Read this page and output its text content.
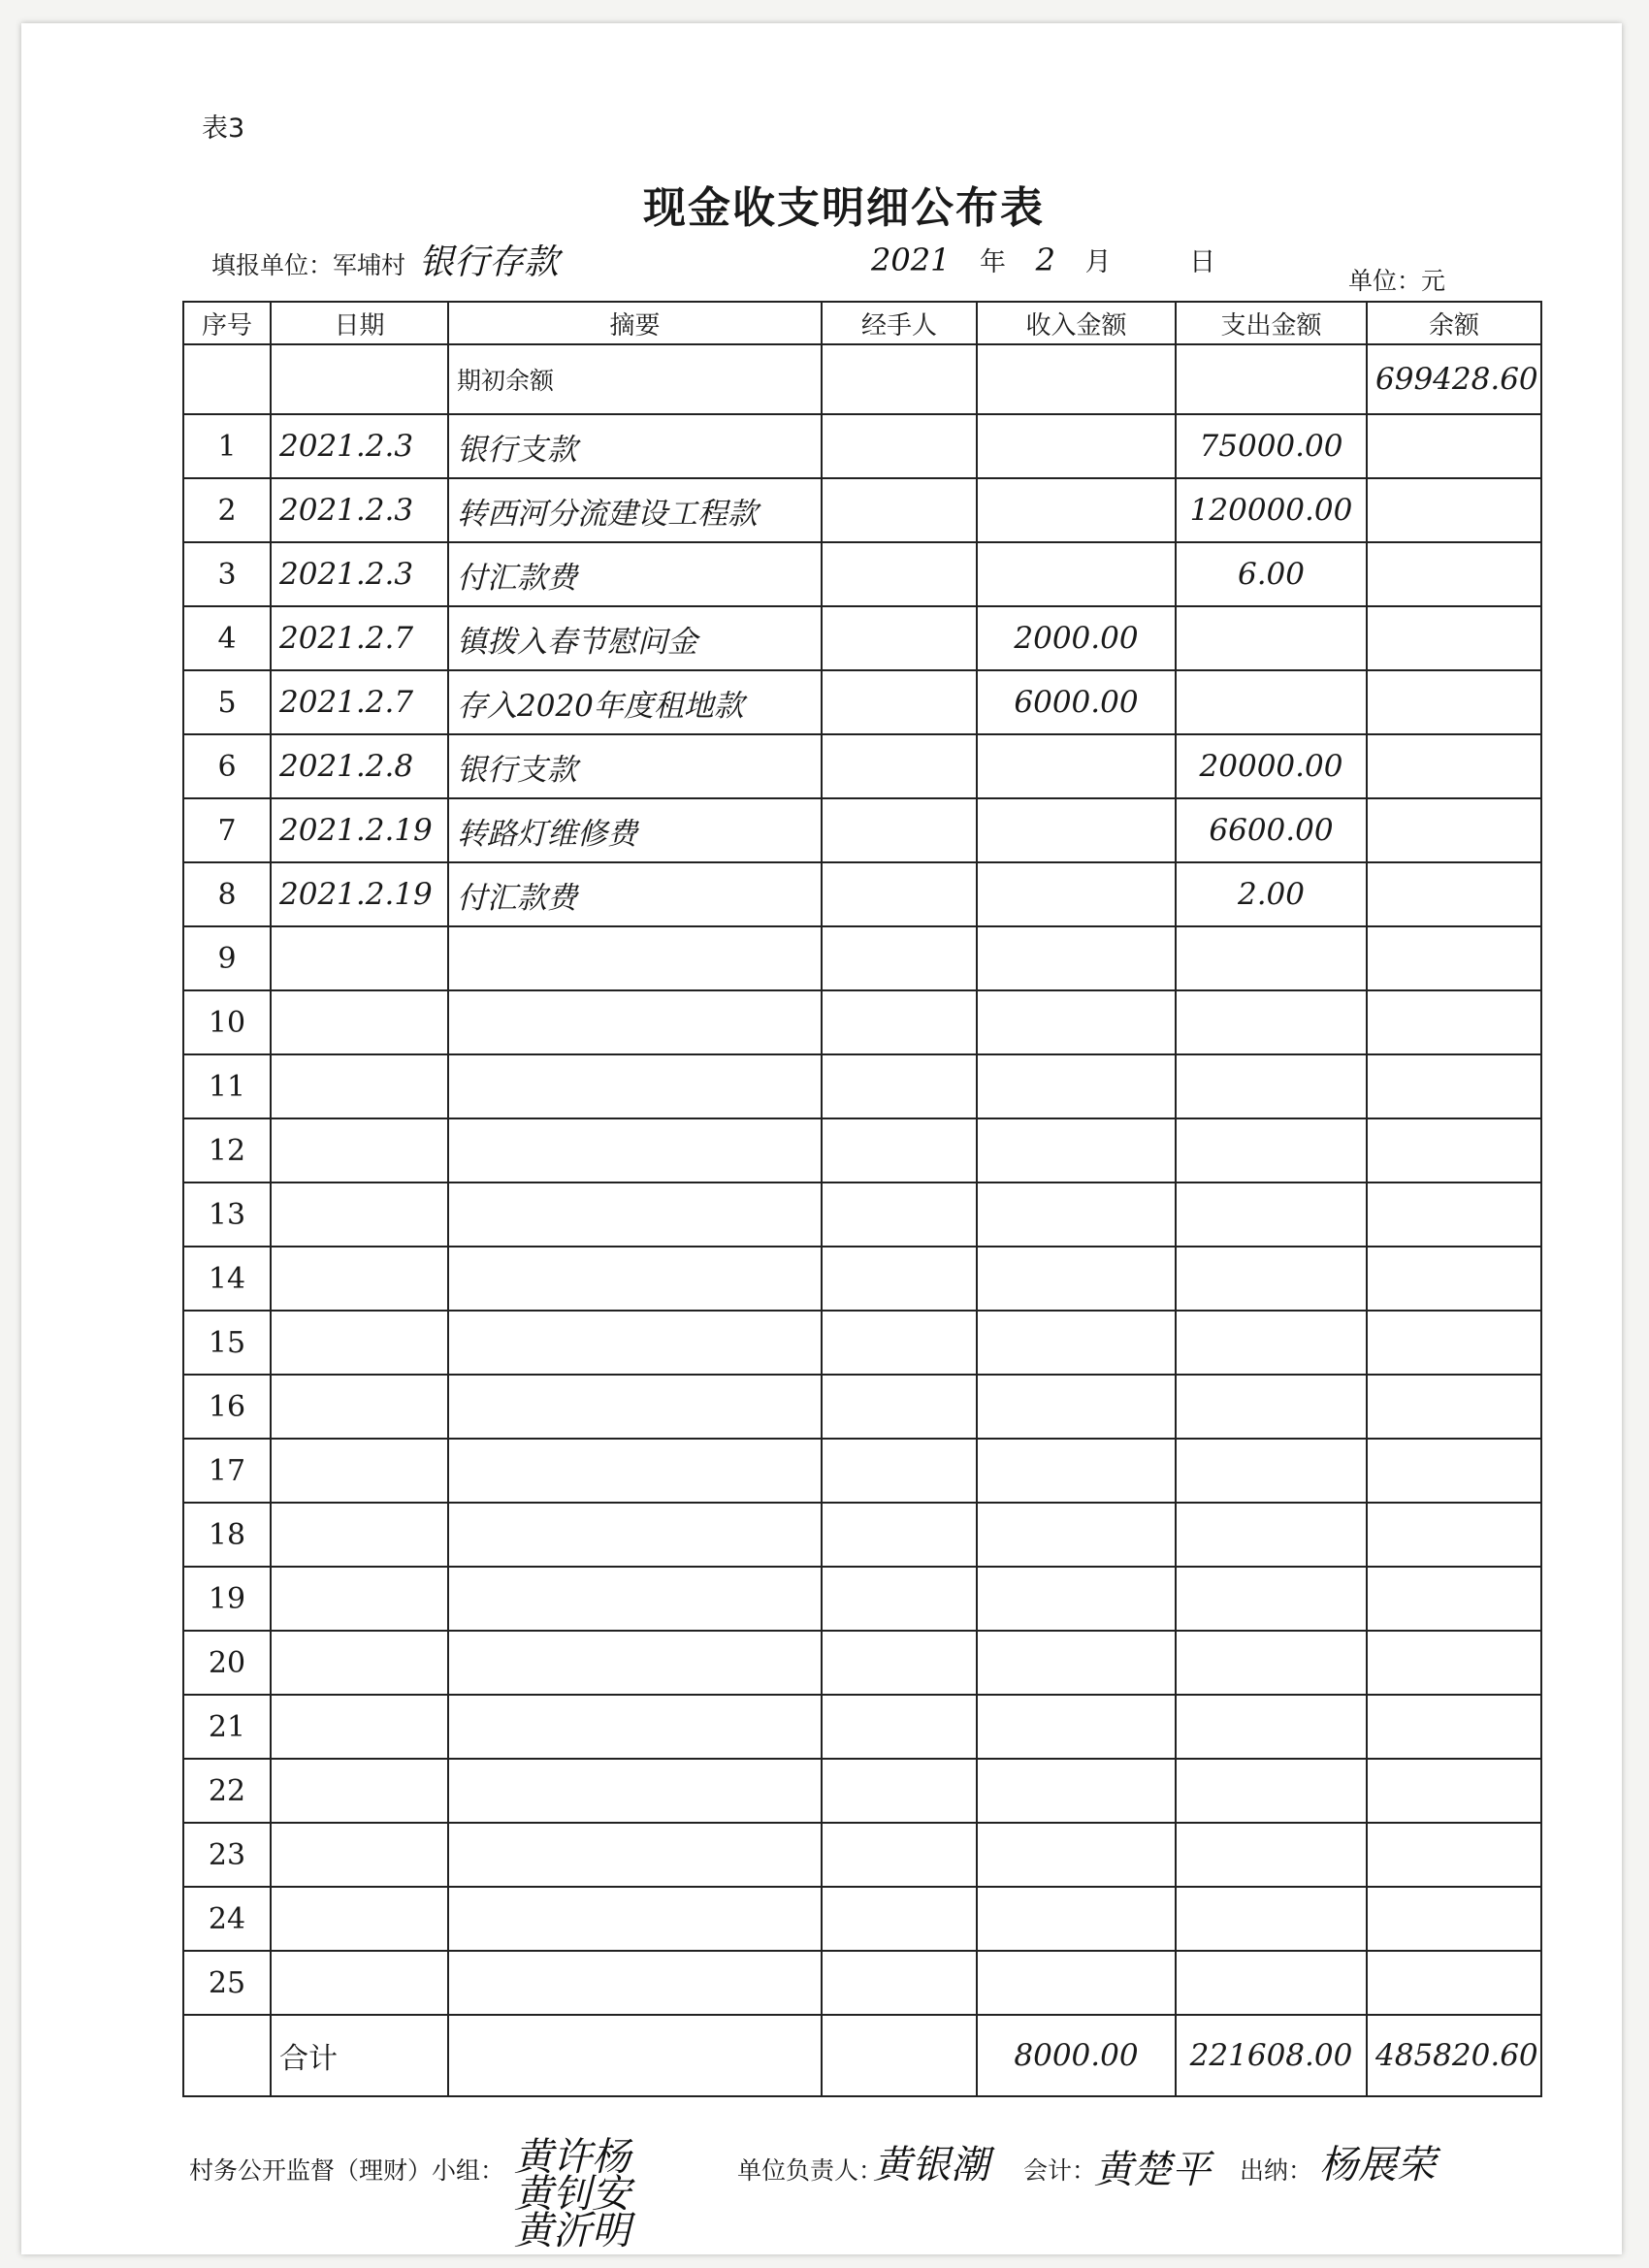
表3
现金收支明细公布表
填报单位：军埔村 银行存款	2021 年 2 月	日
单位：元
序号	日期	摘要	经手人	收入金额	支出金额	余额
		期初余额				699428.60
1	2021.2.3	银行支款			75000.00	
2	2021.2.3	转西河分流建设工程款			120000.00	
3	2021.2.3	付汇款费			6.00	
4	2021.2.7	镇拨入春节慰问金		2000.00		
5	2021.2.7	存入2020年度租地款		6000.00		
6	2021.2.8	银行支款			20000.00	
7	2021.2.19	转路灯维修费			6600.00	
8	2021.2.19	付汇款费			2.00	
9						
10						
11						
12						
13						
14						
15						
16						
17						
18						
19						
20						
21						
22						
23						
24						
25						
	合计			8000.00	221608.00	485820.60
村务公开监督（理财）小组： 黄许杨
黄钊安
黄沂明
单位负责人：
黄银潮 会计：
黄楚平 出纳： 杨展荣
